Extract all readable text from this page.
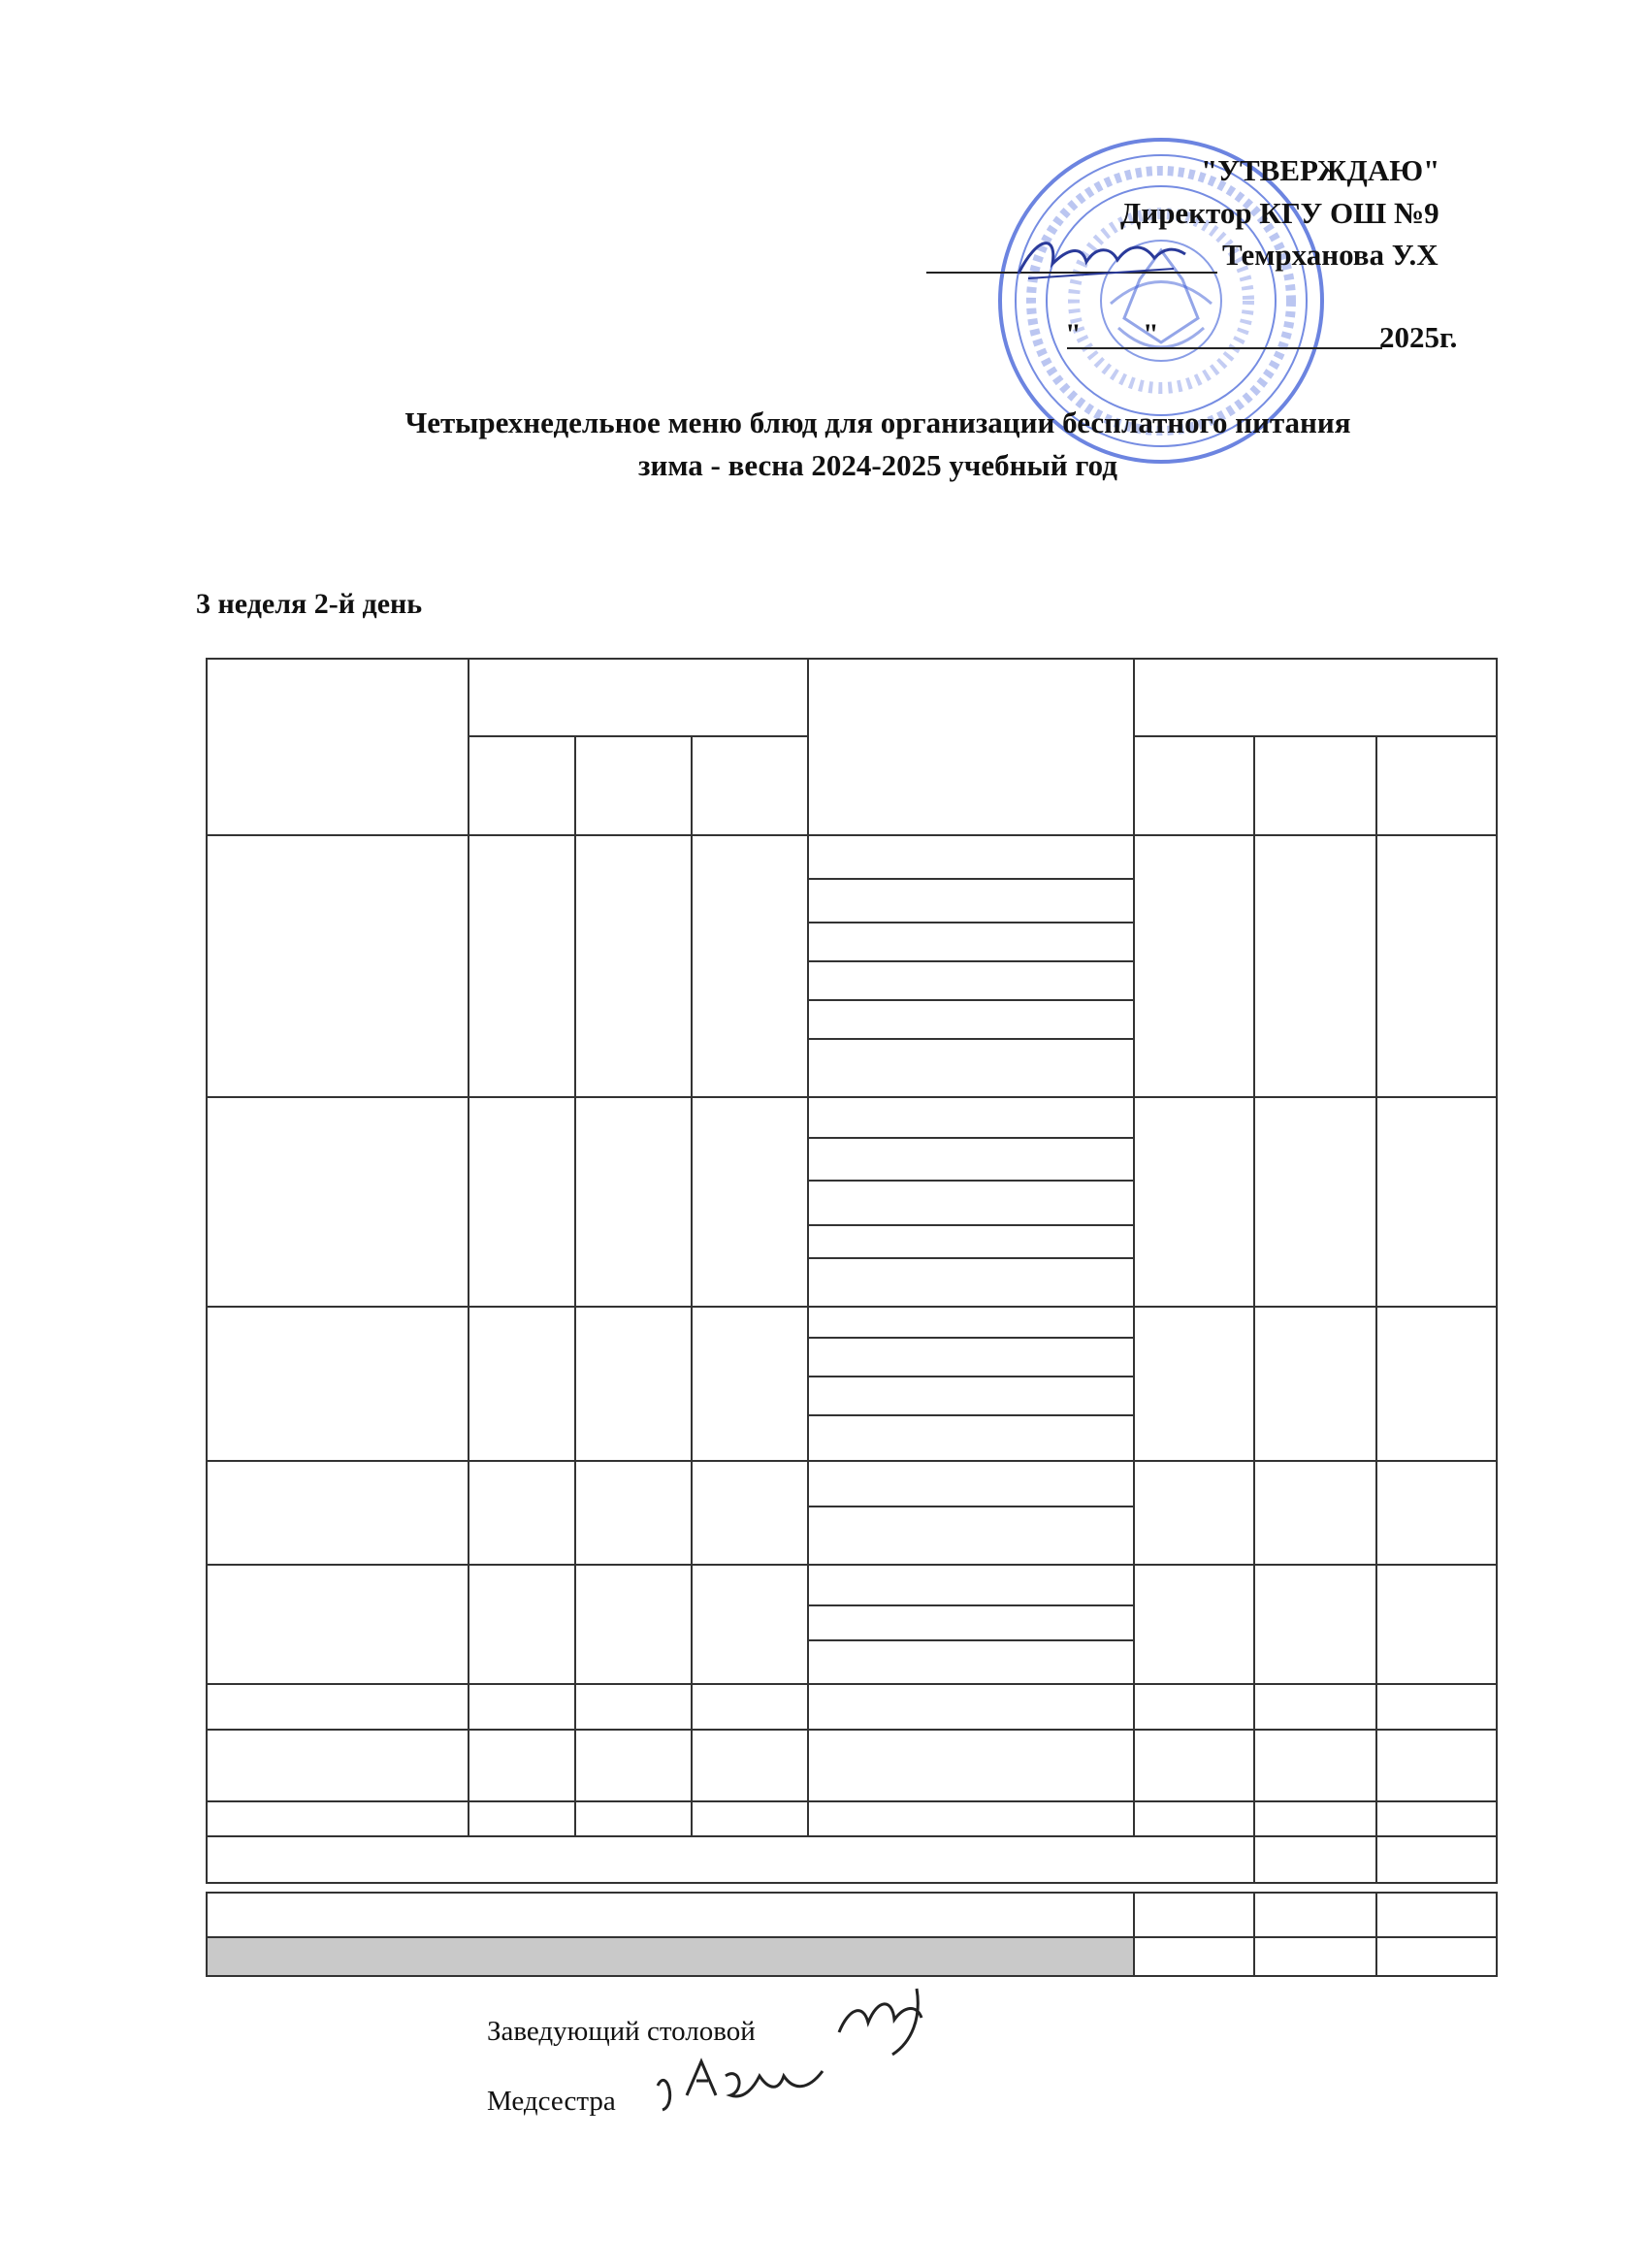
"УТВЕРЖДАЮ"
Директор КГУ ОШ №9
Темрханова У.Х
" "	2025г.
Четырехнедельное меню блюд для организации бесплатного питания
зима - весна 2024-2025 учебный год
3 неделя 2-й день
Заведующий столовой
Медсестра
